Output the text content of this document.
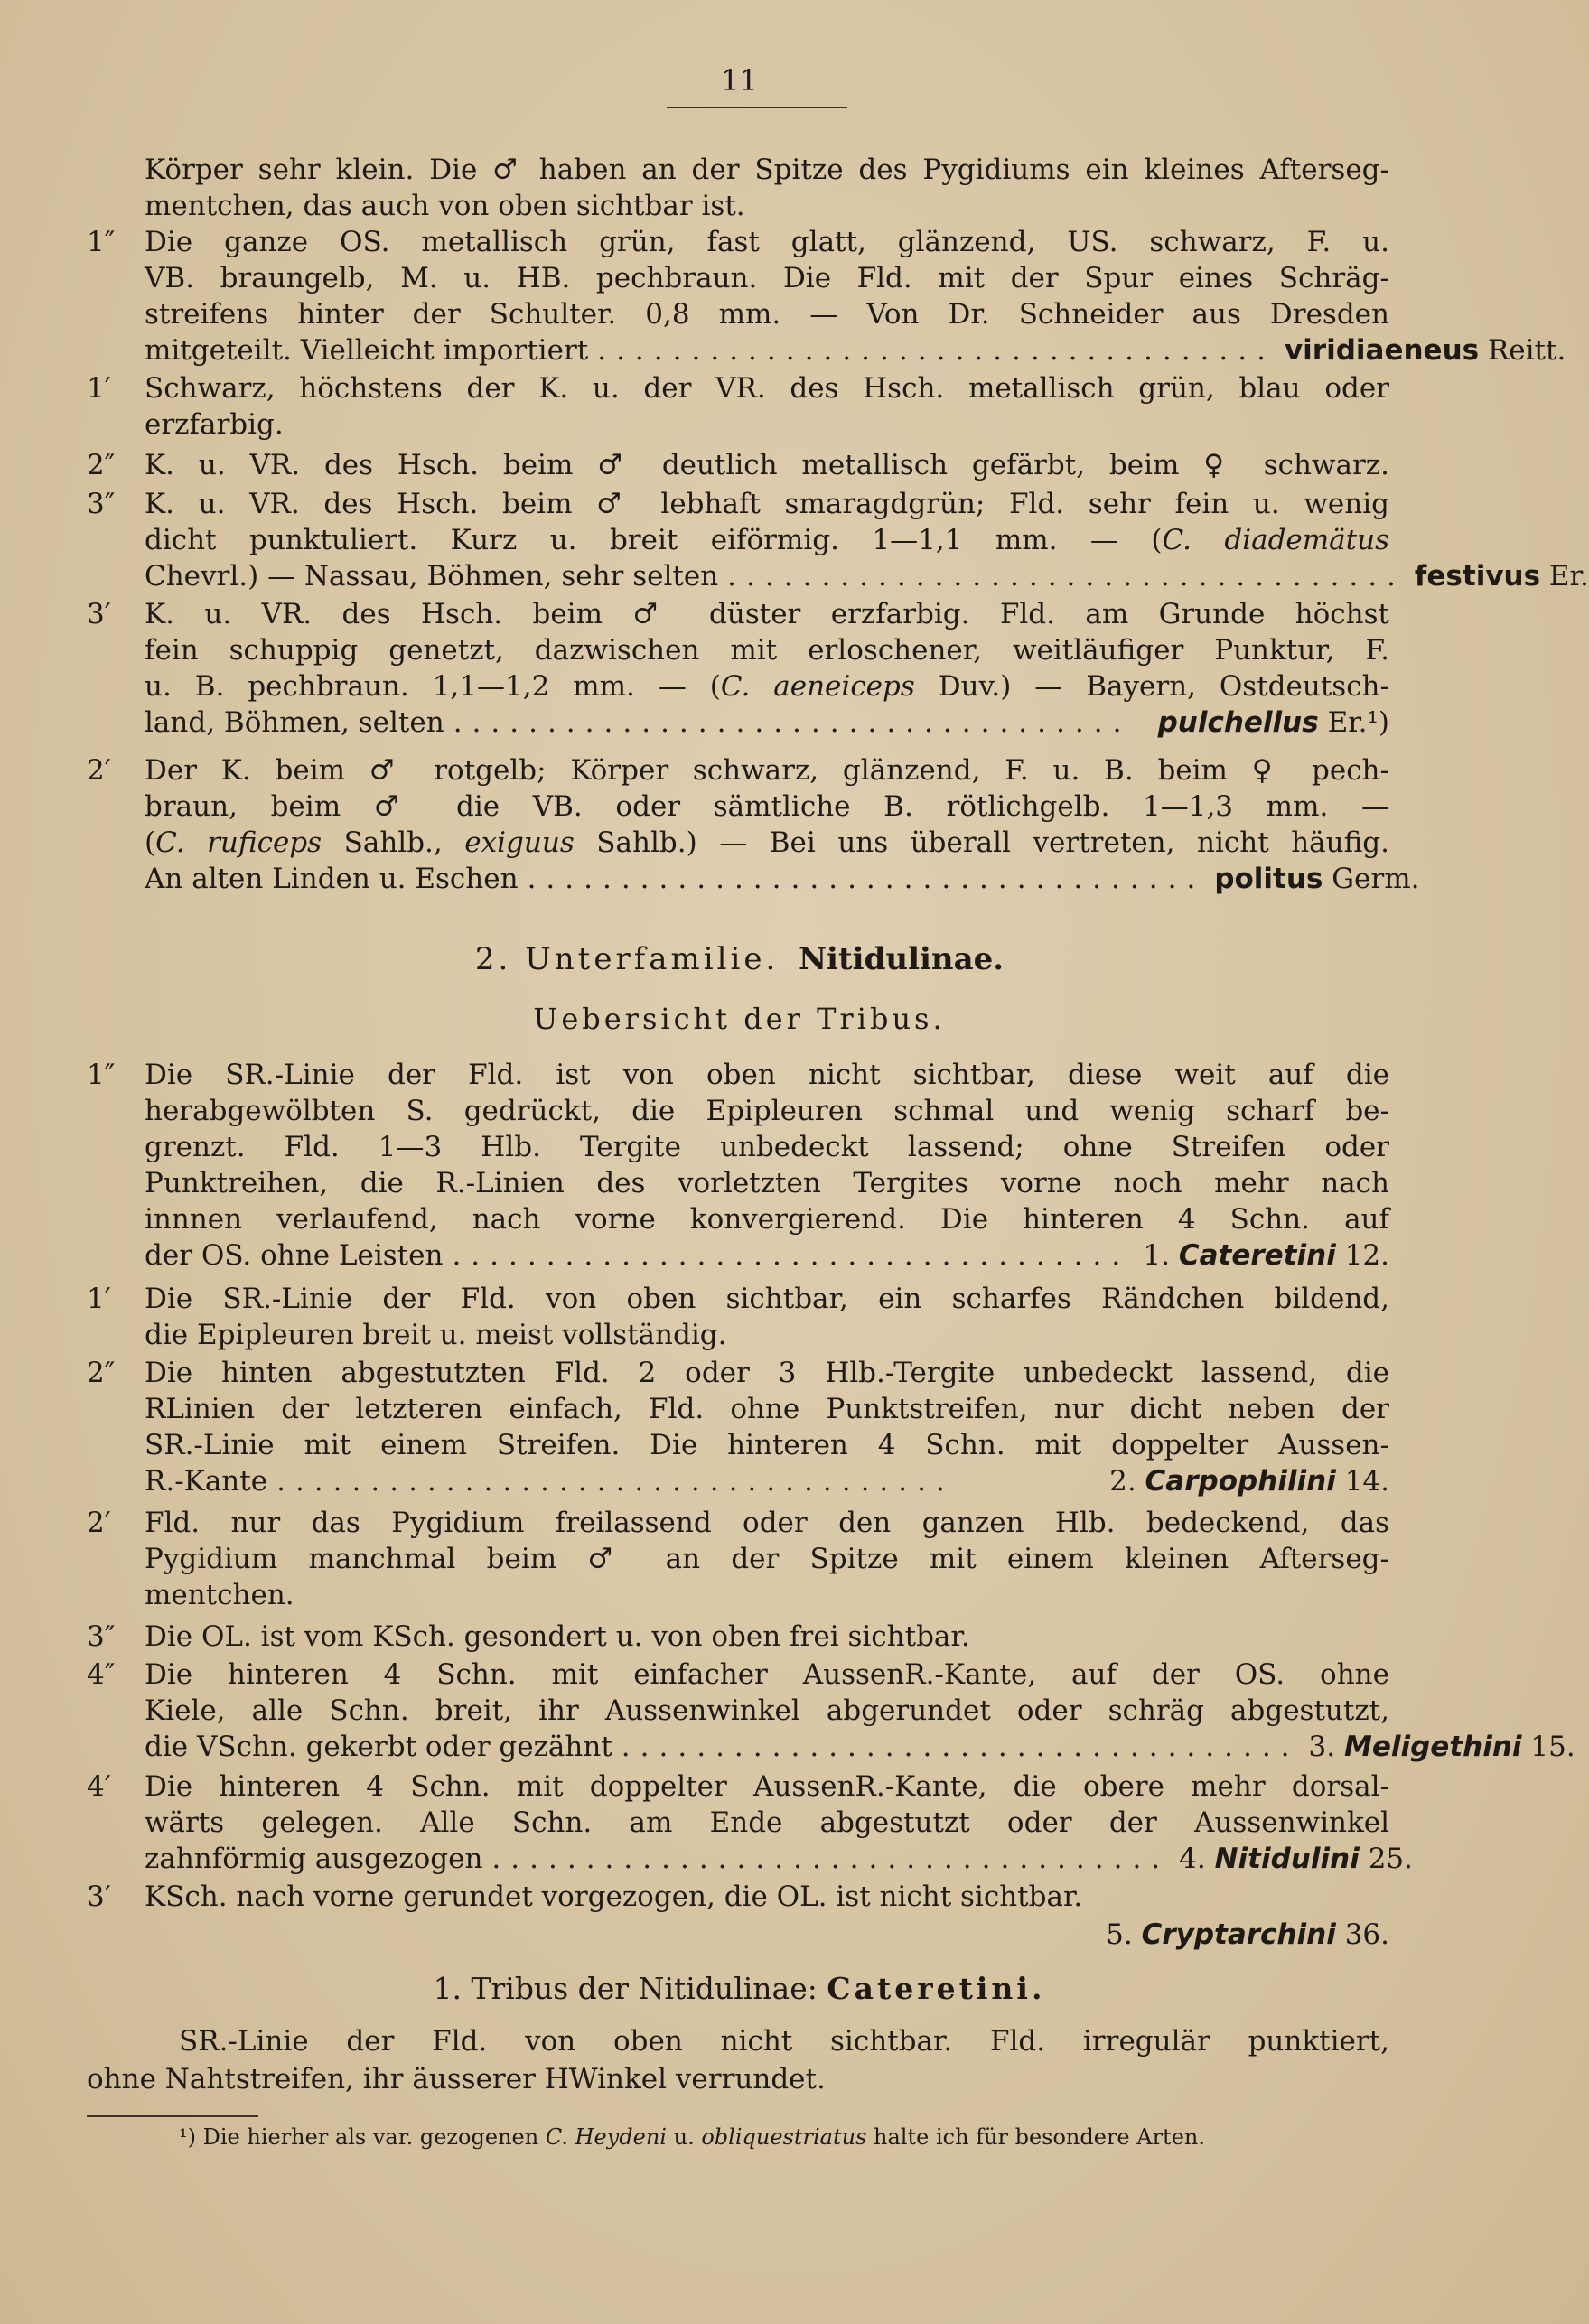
11
Körper sehr klein. Die ♂ haben an der Spitze des Pygidiums ein kleines Afterseg-
mentchen, das auch von oben sichtbar ist.
1″ Die ganze OS. metallisch grün, fast glatt, glänzend, US. schwarz, F. u.
VB. braungelb, M. u. HB. pechbraun. Die Fld. mit der Spur eines Schräg-
streifens hinter der Schulter. 0,8 mm. — Von Dr. Schneider aus Dresden
mitgeteilt. Vielleicht importiert .................................... viridiaeneus Reitt.
1′ Schwarz, höchstens der K. u. der VR. des Hsch. metallisch grün, blau oder
erzfarbig.
2″ K. u. VR. des Hsch. beim ♂ deutlich metallisch gefärbt, beim ♀ schwarz.
3″ K. u. VR. des Hsch. beim ♂ lebhaft smaragdgrün; Fld. sehr fein u. wenig
dicht punktuliert. Kurz u. breit eiförmig. 1—1,1 mm. — (C. diademätus
Chevrl.) — Nassau, Böhmen, sehr selten .................................... festivus Er.
3′ K. u. VR. des Hsch. beim ♂ düster erzfarbig. Fld. am Grunde höchst
fein schuppig genetzt, dazwischen mit erloschener, weitläufiger Punktur, F.
u. B. pechbraun. 1,1—1,2 mm. — (C. aeneiceps Duv.) — Bayern, Ostdeutsch-
land, Böhmen, selten .................................... pulchellus Er.¹)
2′ Der K. beim ♂ rotgelb; Körper schwarz, glänzend, F. u. B. beim ♀ pech-
braun, beim ♂ die VB. oder sämtliche B. rötlichgelb. 1—1,3 mm. —
(C. ruficeps Sahlb., exiguus Sahlb.) — Bei uns überall vertreten, nicht häufig.
An alten Linden u. Eschen .................................... politus Germ.
2. Unterfamilie. Nitidulinae.
Uebersicht der Tribus.
1″ Die SR.-Linie der Fld. ist von oben nicht sichtbar, diese weit auf die
herabgewölbten S. gedrückt, die Epipleuren schmal und wenig scharf be-
grenzt. Fld. 1—3 Hlb. Tergite unbedeckt lassend; ohne Streifen oder
Punktreihen, die R.-Linien des vorletzten Tergites vorne noch mehr nach
innnen verlaufend, nach vorne konvergierend. Die hinteren 4 Schn. auf
der OS. ohne Leisten .................................... 1. Cateretini 12.
1′ Die SR.-Linie der Fld. von oben sichtbar, ein scharfes Rändchen bildend,
die Epipleuren breit u. meist vollständig.
2″ Die hinten abgestutzten Fld. 2 oder 3 Hlb.-Tergite unbedeckt lassend, die
RLinien der letzteren einfach, Fld. ohne Punktstreifen, nur dicht neben der
SR.-Linie mit einem Streifen. Die hinteren 4 Schn. mit doppelter Aussen-
R.-Kante ....................................	2. Carpophilini 14.
2′ Fld. nur das Pygidium freilassend oder den ganzen Hlb. bedeckend, das
Pygidium manchmal beim ♂ an der Spitze mit einem kleinen Afterseg-
mentchen.
3″ Die OL. ist vom KSch. gesondert u. von oben frei sichtbar.
4″ Die hinteren 4 Schn. mit einfacher AussenR.-Kante, auf der OS. ohne
Kiele, alle Schn. breit, ihr Aussenwinkel abgerundet oder schräg abgestutzt,
die VSchn. gekerbt oder gezähnt .................................... 3. Meligethini 15.
4′ Die hinteren 4 Schn. mit doppelter AussenR.-Kante, die obere mehr dorsal-
wärts gelegen. Alle Schn. am Ende abgestutzt oder der Aussenwinkel
zahnförmig ausgezogen .................................... 4. Nitidulini 25.
3′ KSch. nach vorne gerundet vorgezogen, die OL. ist nicht sichtbar.
5. Cryptarchini 36.
1. Tribus der Nitidulinae: Cateretini.
SR.-Linie der Fld. von oben nicht sichtbar. Fld. irregulär punktiert,
ohne Nahtstreifen, ihr äusserer HWinkel verrundet.
¹) Die hierher als var. gezogenen C. Heydeni u. obliquestriatus halte ich für besondere Arten.
